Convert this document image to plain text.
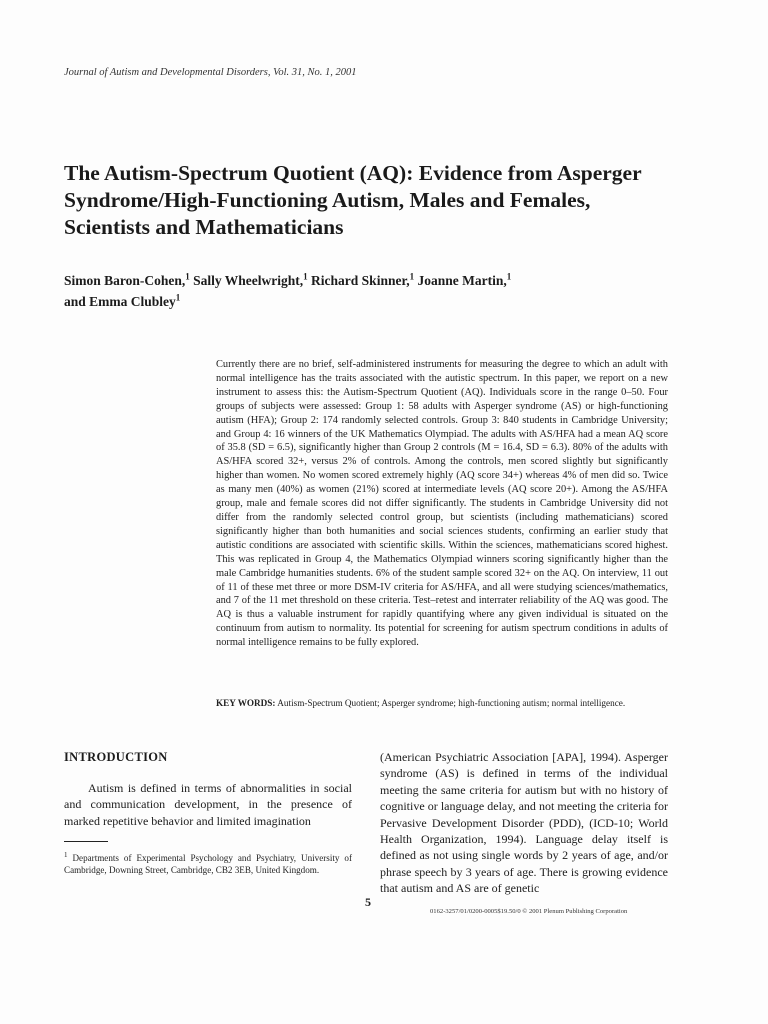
Journal of Autism and Developmental Disorders, Vol. 31, No. 1, 2001
The Autism-Spectrum Quotient (AQ): Evidence from Asperger Syndrome/High-Functioning Autism, Males and Females, Scientists and Mathematicians

Simon Baron-Cohen,$^1$ Sally Wheelwright,$^1$ Richard Skinner,$^1$ Joanne Martin,$^1$
and Emma Clubley$^1$

Currently there are no brief, self-administered instruments for measuring the degree to which an adult with normal intelligence has the traits associated with the autistic spectrum. In this paper, we report on a new instrument to assess this: the Autism-Spectrum Quotient (AQ). Individuals score in the range 0–50. Four groups of subjects were assessed: Group 1: 58 adults with Asperger syndrome (AS) or high-functioning autism (HFA); Group 2: 174 randomly selected controls. Group 3: 840 students in Cambridge University; and Group 4: 16 winners of the UK Mathematics Olympiad. The adults with AS/HFA had a mean AQ score of 35.8 (SD = 6.5), significantly higher than Group 2 controls (M = 16.4, SD = 6.3). 80% of the adults with AS/HFA scored 32+, versus 2% of controls. Among the controls, men scored slightly but significantly higher than women. No women scored extremely highly (AQ score 34+) whereas 4% of men did so. Twice as many men (40%) as women (21%) scored at intermediate levels (AQ score 20+). Among the AS/HFA group, male and female scores did not differ significantly. The students in Cambridge University did not differ from the randomly selected control group, but scientists (including mathematicians) scored significantly higher than both humanities and social sciences students, confirming an earlier study that autistic conditions are associated with scientific skills. Within the sciences, mathematicians scored highest. This was replicated in Group 4, the Mathematics Olympiad winners scoring significantly higher than the male Cambridge humanities students. 6% of the student sample scored 32+ on the AQ. On interview, 11 out of 11 of these met three or more DSM-IV criteria for AS/HFA, and all were studying sciences/mathematics, and 7 of the 11 met threshold on these criteria. Test–retest and interrater reliability of the AQ was good. The AQ is thus a valuable instrument for rapidly quantifying where any given individual is situated on the continuum from autism to normality. Its potential for screening for autism spectrum conditions in adults of normal intelligence remains to be fully explored.

KEY WORDS: Autism-Spectrum Quotient; Asperger syndrome; high-functioning autism; normal intelligence.

INTRODUCTION

Autism is defined in terms of abnormalities in social and communication development, in the presence of marked repetitive behavior and limited imagination

$^1$ Departments of Experimental Psychology and Psychiatry, University of Cambridge, Downing Street, Cambridge, CB2 3EB, United Kingdom.

(American Psychiatric Association [APA], 1994). Asperger syndrome (AS) is defined in terms of the individual meeting the same criteria for autism but with no history of cognitive or language delay, and not meeting the criteria for Pervasive Development Disorder (PDD), (ICD-10; World Health Organization, 1994). Language delay itself is defined as not using single words by 2 years of age, and/or phrase speech by 3 years of age. There is growing evidence that autism and AS are of genetic

5
0162-3257/01/0200-0005$19.50/0 © 2001 Plenum Publishing Corporation
